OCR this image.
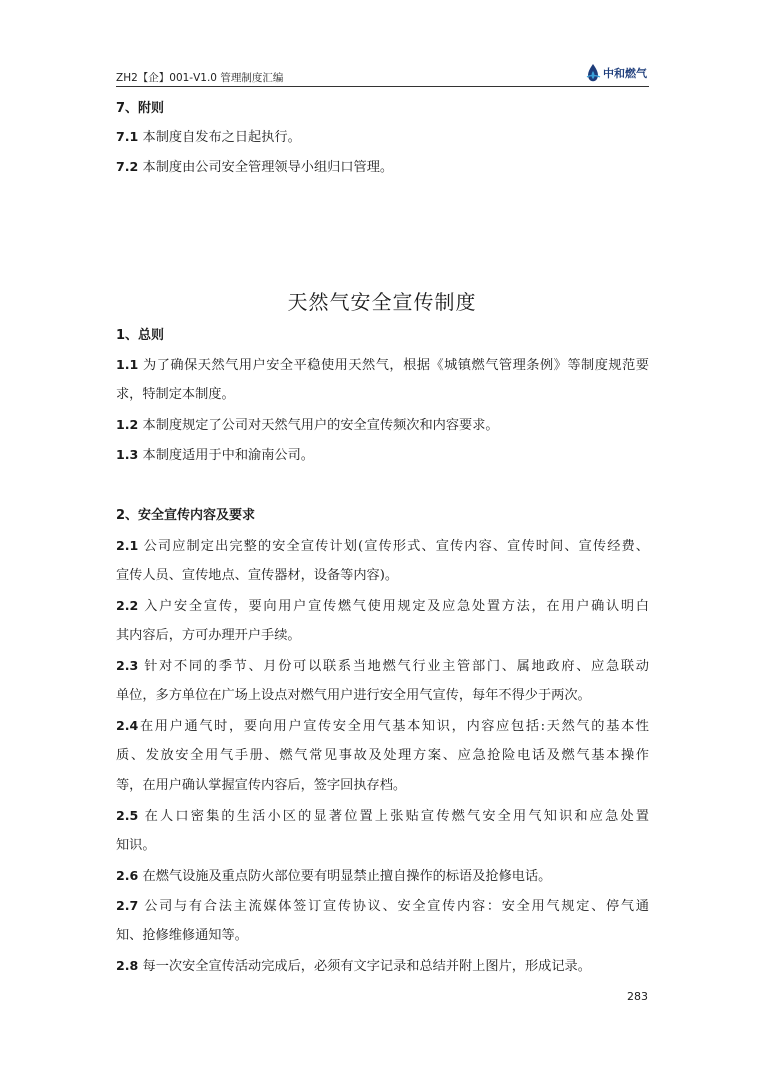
ZH2【企】001-V1.0 管理制度汇编	中和燃气
7、附则
7.1 本制度自发布之日起执行。
7.2 本制度由公司安全管理领导小组归口管理。
天然气安全宣传制度
1、总则
1.1 为了确保天然气用户安全平稳使用天然气，根据《城镇燃气管理条例》等制度规范要
求，特制定本制度。
1.2 本制度规定了公司对天然气用户的安全宣传频次和内容要求。
1.3 本制度适用于中和渝南公司。
2、安全宣传内容及要求
2.1 公司应制定出完整的安全宣传计划(宣传形式、宣传内容、宣传时间、宣传经费、
宣传人员、宣传地点、宣传器材，设备等内容)。
2.2 入户安全宣传，要向用户宣传燃气使用规定及应急处置方法，在用户确认明白
其内容后，方可办理开户手续。
2.3 针对不同的季节、月份可以联系当地燃气行业主管部门、属地政府、应急联动
单位，多方单位在广场上设点对燃气用户进行安全用气宣传，每年不得少于两次。
2.4在用户通气时，要向用户宣传安全用气基本知识，内容应包括:天然气的基本性
质、发放安全用气手册、燃气常见事故及处理方案、应急抢险电话及燃气基本操作
等，在用户确认掌握宣传内容后，签字回执存档。
2.5 在人口密集的生活小区的显著位置上张贴宣传燃气安全用气知识和应急处置
知识。
2.6 在燃气设施及重点防火部位要有明显禁止擅自操作的标语及抢修电话。
2.7 公司与有合法主流媒体签订宣传协议、安全宣传内容：安全用气规定、停气通
知、抢修维修通知等。
2.8 每一次安全宣传活动完成后，必须有文字记录和总结并附上图片，形成记录。
283
